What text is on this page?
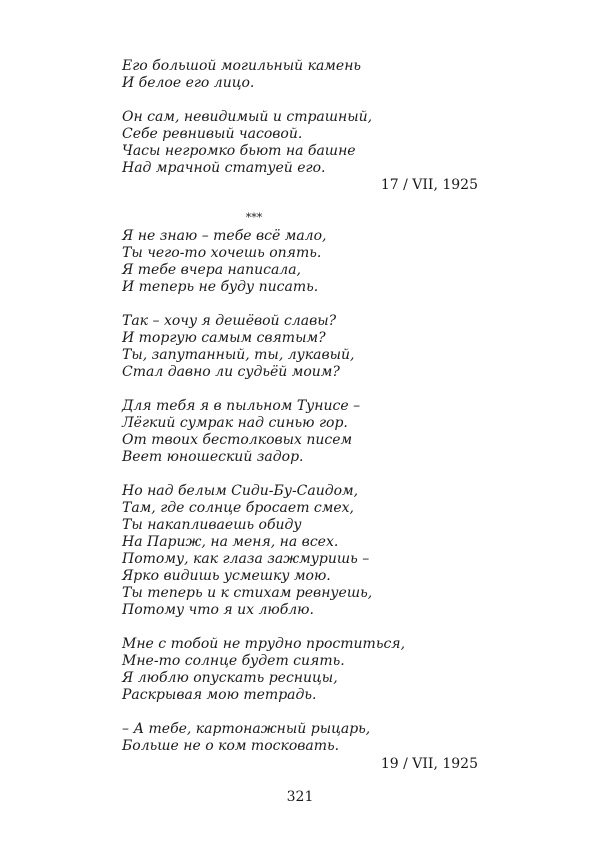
Его большой могильный камень
И белое его лицо.
Он сам, невидимый и страшный,
Себе ревнивый часовой.
Часы негромко бьют на башне
Над мрачной статуей его.
17 / VII, 1925
***
Я не знаю – тебе всё мало,
Ты чего-то хочешь опять.
Я тебе вчера написала,
И теперь не буду писать.
Так – хочу я дешёвой славы?
И торгую самым святым?
Ты, запутанный, ты, лукавый,
Стал давно ли судьёй моим?
Для тебя я в пыльном Тунисе –
Лёгкий сумрак над синью гор.
От твоих бестолковых писем
Веет юношеский задор.
Но над белым Сиди-Бу-Саидом,
Там, где солнце бросает смех,
Ты накапливаешь обиду
На Париж, на меня, на всех.
Потому, как глаза зажмуришь –
Ярко видишь усмешку мою.
Ты теперь и к стихам ревнуешь,
Потому что я их люблю.
Мне с тобой не трудно проститься,
Мне-то солнце будет сиять.
Я люблю опускать ресницы,
Раскрывая мою тетрадь.
– А тебе, картонажный рыцарь,
Больше не о ком тосковать.
19 / VII, 1925
321
